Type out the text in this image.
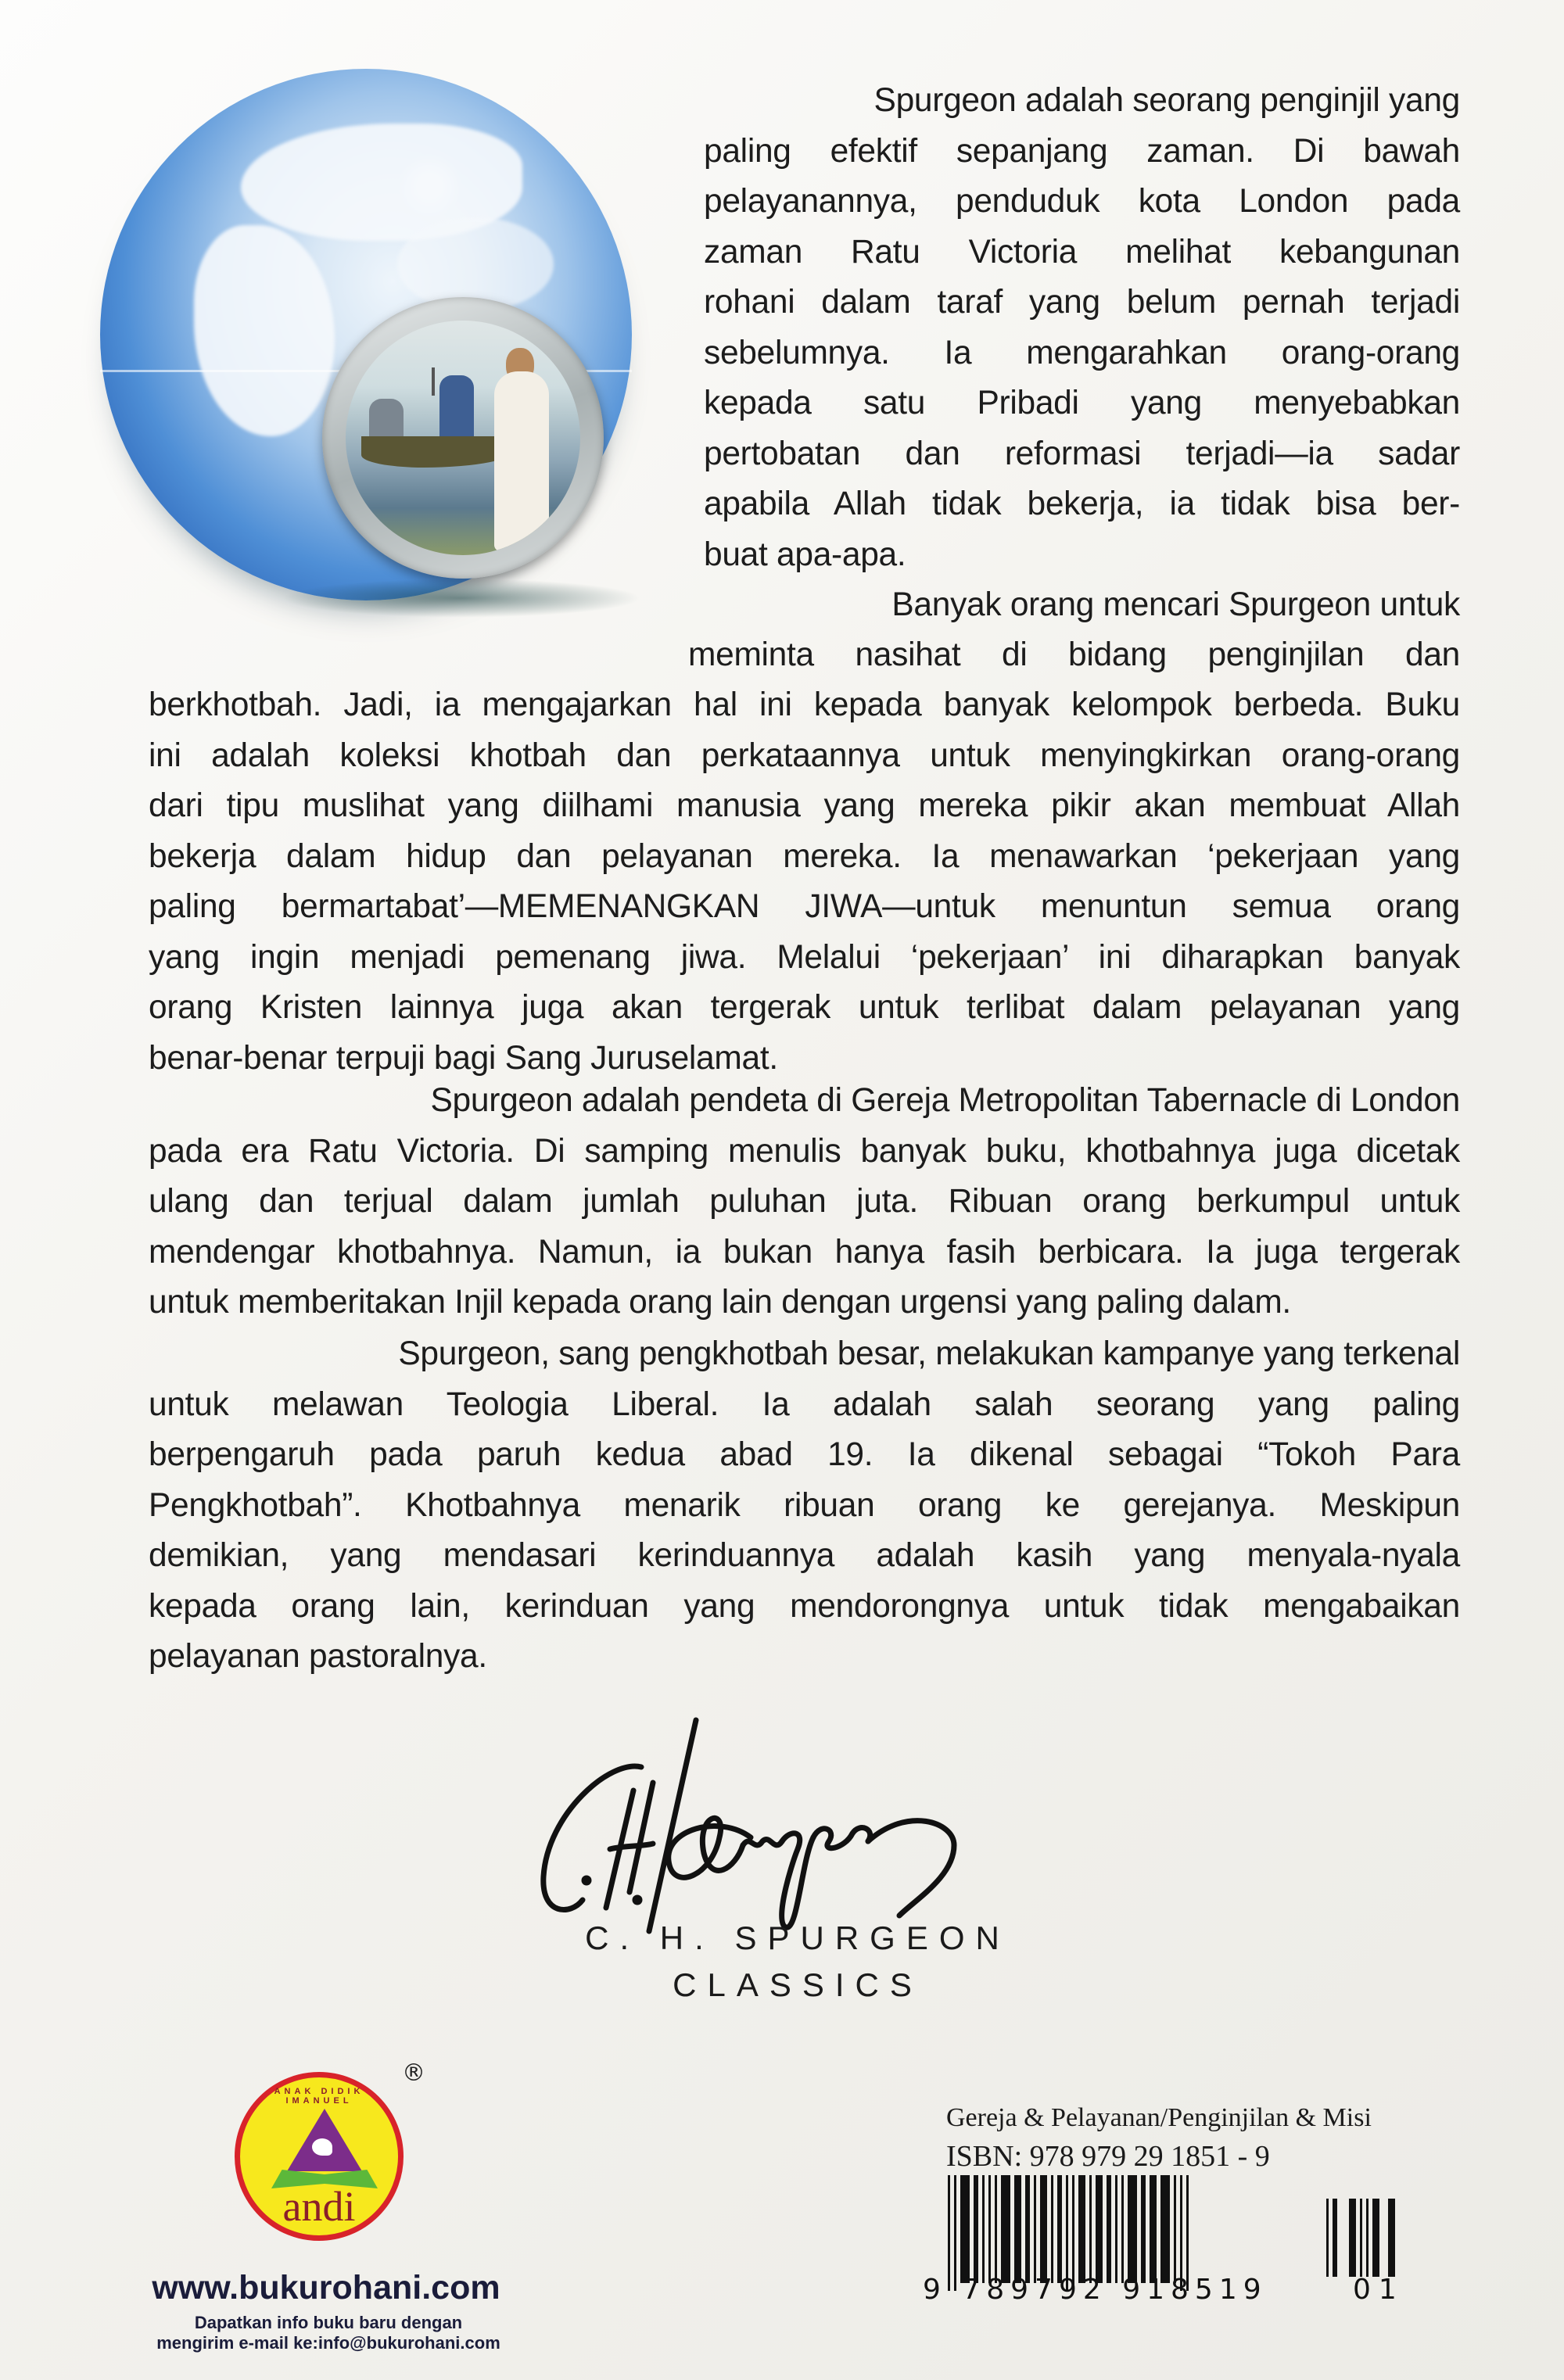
Spurgeon adalah seorang penginjil yang
paling efektif sepanjang zaman. Di bawah
pelayanannya, penduduk kota London pada
zaman Ratu Victoria melihat kebangunan
rohani dalam taraf yang belum pernah terjadi
sebelumnya. Ia mengarahkan orang-orang
kepada satu Pribadi yang menyebabkan
pertobatan dan reformasi terjadi—ia sadar
apabila Allah tidak bekerja, ia tidak bisa ber-
buat apa-apa.
Banyak orang mencari Spurgeon untuk
meminta nasihat di bidang penginjilan dan
berkhotbah. Jadi, ia mengajarkan hal ini kepada banyak kelompok berbeda. Buku
ini adalah koleksi khotbah dan perkataannya untuk menyingkirkan orang-orang
dari tipu muslihat yang diilhami manusia yang mereka pikir akan membuat Allah
bekerja dalam hidup dan pelayanan mereka. Ia menawarkan ‘pekerjaan yang
paling bermartabat’—MEMENANGKAN JIWA—untuk menuntun semua orang
yang ingin menjadi pemenang jiwa. Melalui ‘pekerjaan’ ini diharapkan banyak
orang Kristen lainnya juga akan tergerak untuk terlibat dalam pelayanan yang
benar-benar terpuji bagi Sang Juruselamat.
Spurgeon adalah pendeta di Gereja Metropolitan Tabernacle di London
pada era Ratu Victoria. Di samping menulis banyak buku, khotbahnya juga dicetak
ulang dan terjual dalam jumlah puluhan juta. Ribuan orang berkumpul untuk
mendengar khotbahnya. Namun, ia bukan hanya fasih berbicara. Ia juga tergerak
untuk memberitakan Injil kepada orang lain dengan urgensi yang paling dalam.
Spurgeon, sang pengkhotbah besar, melakukan kampanye yang terkenal
untuk melawan Teologia Liberal. Ia adalah salah seorang yang paling
berpengaruh pada paruh kedua abad 19. Ia dikenal sebagai “Tokoh Para
Pengkhotbah”. Khotbahnya menarik ribuan orang ke gerejanya. Meskipun
demikian, yang mendasari kerinduannya adalah kasih yang menyala-nyala
kepada orang lain, kerinduan yang mendorongnya untuk tidak mengabaikan
pelayanan pastoralnya.
C. H. SPURGEON
CLASSICS
ANAK DIDIK IMANUEL
andi
®
www.bukurohani.com
Dapatkan info buku baru dengan
mengirim e-mail ke:info@bukurohani.com
Gereja & Pelayanan/Penginjilan & Misi
ISBN: 978 979 29 1851 - 9
9 789792 918519	01
